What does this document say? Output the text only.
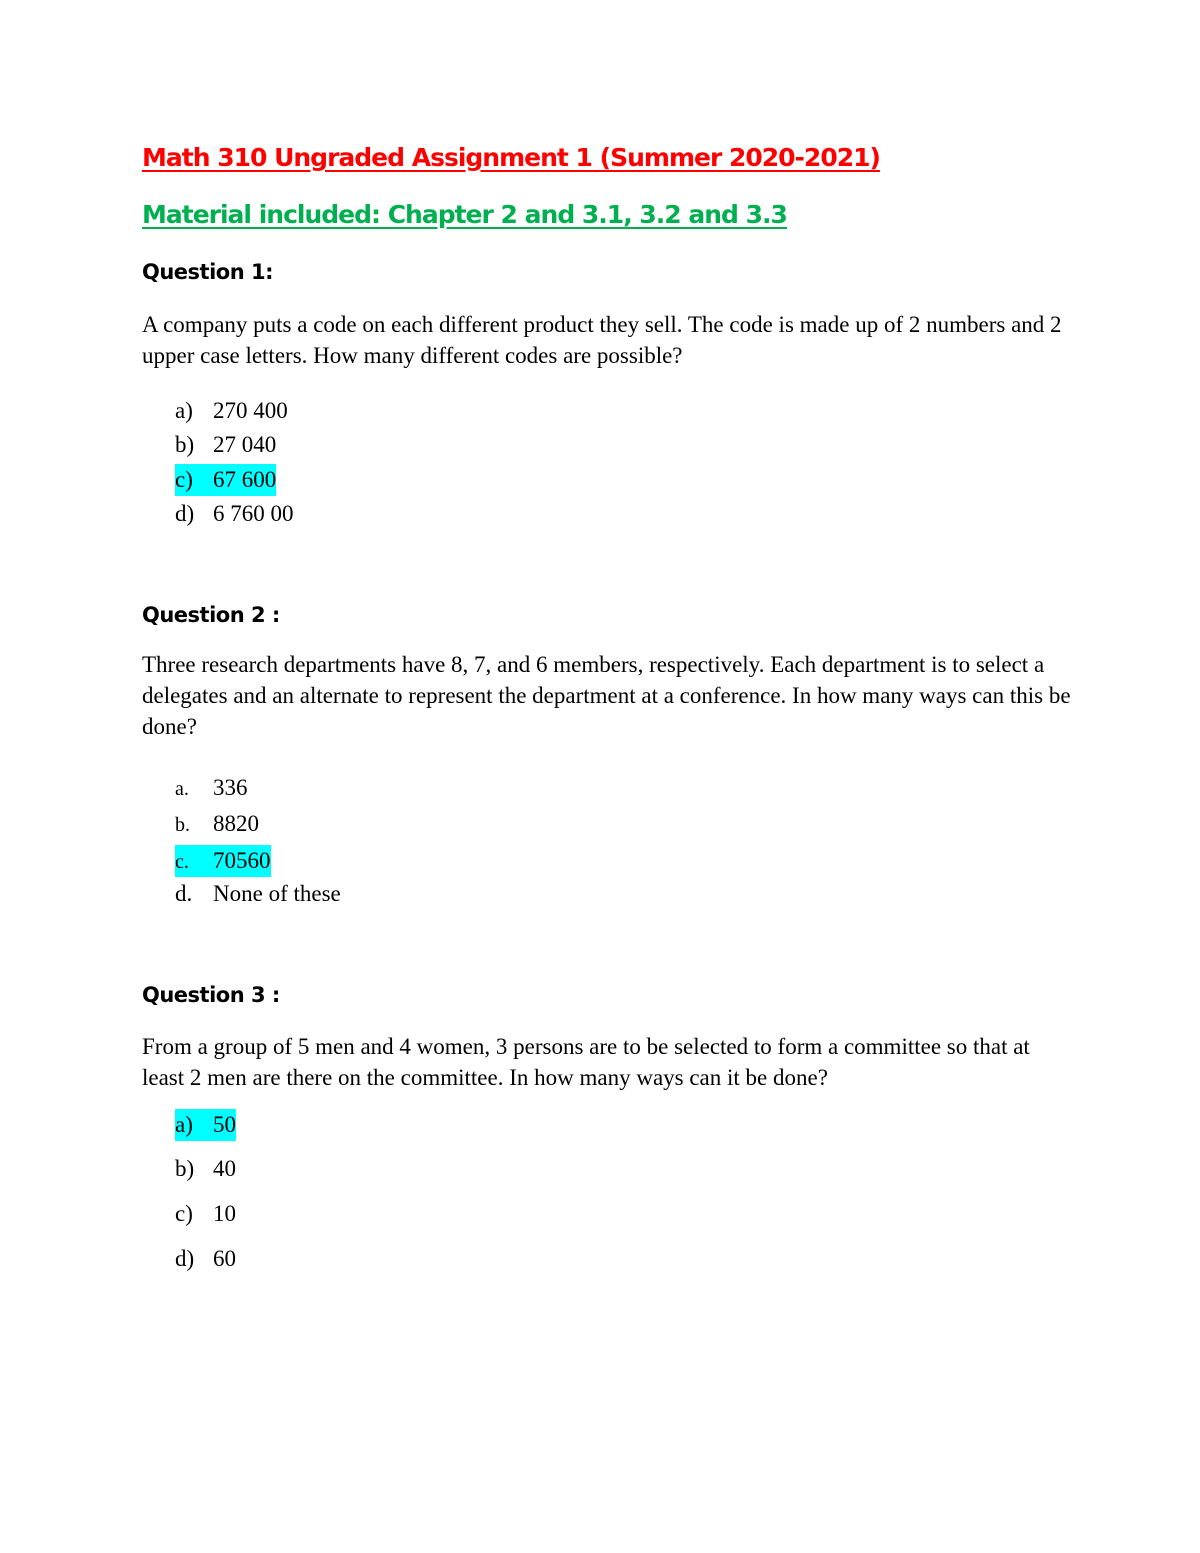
Math 310 Ungraded Assignment 1 (Summer 2020-2021)
Material included: Chapter 2 and 3.1, 3.2 and 3.3
Question 1:
A company puts a code on each different product they sell. The code is made up of 2 numbers and 2 upper case letters. How many different codes are possible?
a) 270 400
b) 27 040
c) 67 600
d) 6 760 00
Question 2 :
Three research departments have 8, 7, and 6 members, respectively. Each department is to select a delegates and an alternate to represent the department at a conference. In how many ways can this be done?
a. 336
b. 8820
c. 70560
d. None of these
Question 3 :
From a group of 5 men and 4 women, 3 persons are to be selected to form a committee so that at least 2 men are there on the committee. In how many ways can it be done?
a) 50
b) 40
c) 10
d) 60
